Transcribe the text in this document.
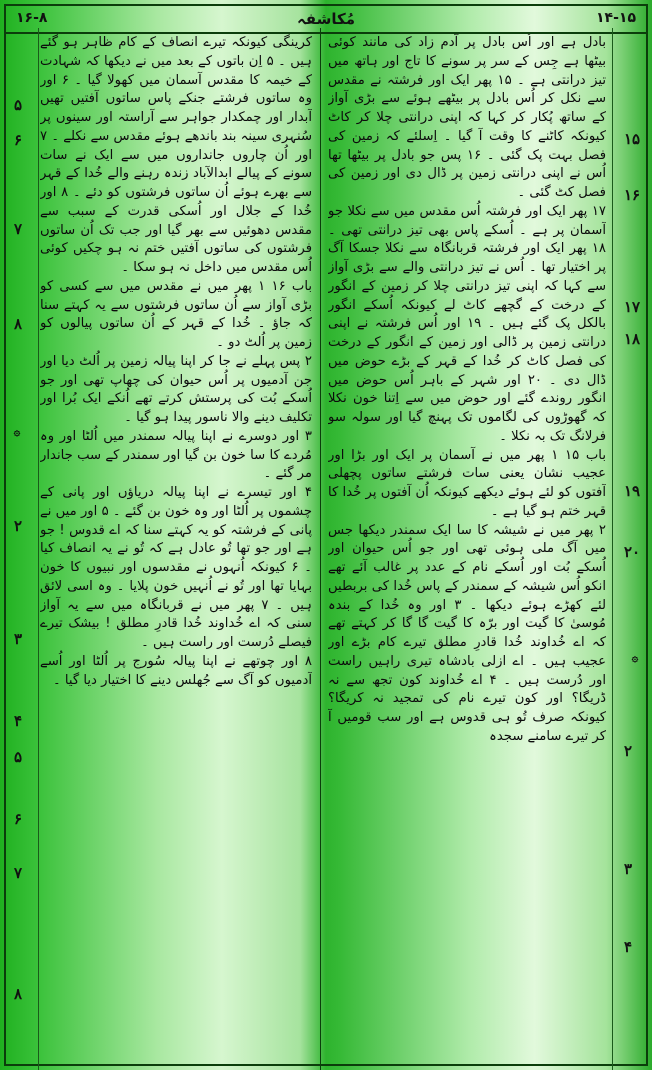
مُکاشفہ
۱۶-۸	۱۴-۱۵

بادل ہے اور اُس بادل پر آدم زاد کی مانند کوئی بیٹھا ہے جِس کے سر پر سونے کا تاج اور ہاتھ میں تیز درانتی ہے ۔ ۱۵ پھر ایک اور فرشتہ نے مقدس سے نکل کر اُس بادل پر بیٹھے ہوئے سے بڑی آواز کے ساتھ پُکار کر کہا کہ اپنی درانتی چلا کر کاٹ کیونکہ کاٹنے کا وقت آ گیا ۔ اِسلئے کہ زمین کی فصل بہت پک گئی ۔ ۱۶ پس جو بادل پر بیٹھا تھا اُس نے اپنی درانتی زمین پر ڈال دی اور زمین کی فصل کٹ گئی ۔

۱۷ پھر ایک اور فرشتہ اُس مقدس میں سے نکلا جو آسمان پر ہے ۔ اُسکے پاس بھی تیز درانتی تھی ۔ ۱۸ پھر ایک اور فرشتہ قربانگاہ سے نکلا جسکا آگ پر اختیار تھا ۔ اُس نے تیز درانتی والے سے بڑی آواز سے کہا کہ اپنی تیز درانتی چلا کر زمین کے انگور کے درخت کے گچھے کاٹ لے کیونکہ اُسکے انگور بالکل پک گئے ہیں ۔ ۱۹ اور اُس فرشتہ نے اپنی درانتی زمین پر ڈالی اور زمین کے انگور کے درخت کی فصل کاٹ کر خُدا کے قہر کے بڑے حوض میں ڈال دی ۔ ۲۰ اور شہر کے باہر اُس حوض میں انگور روندے گئے اور حوض میں سے اِتنا خون نکلا کہ گھوڑوں کی لگاموں تک پہنچ گیا اور سولہ سو فرلانگ تک بہ نکلا ۔

باب ۱۵ ۱ پھر میں نے آسمان پر ایک اور بڑا اور عجیب نشان یعنی سات فرشتے ساتوں پچھلی آفتوں کو لئے ہوئے دیکھے کیونکہ اُن آفتوں پر خُدا کا قہر ختم ہو گیا ہے ۔

۲ پھر میں نے شیشہ کا سا ایک سمندر دیکھا جس میں آگ ملی ہوئی تھی اور جو اُس حیوان اور اُسکے بُت اور اُسکے نام کے عدد پر غالب آئے تھے انکو اُس شیشہ کے سمندر کے پاس خُدا کی بربطیں لئے کھڑے ہوئے دیکھا ۔ ۳ اور وہ خُدا کے بندہ مُوسیٰ کا گیت اور برّہ کا گیت گا گا کر کہتے تھے کہ اے خُداوند خُدا قادرِ مطلق تیرے کام بڑے اور عجیب ہیں ۔ اے ازلی بادشاہ تیری راہیں راست اور دُرست ہیں ۔ ۴ اے خُداوند کون تجھ سے نہ ڈریگا؟ اور کون تیرے نام کی تمجید نہ کریگا؟ کیونکہ صرف تُو ہی قدوس ہے اور سب قومیں آ کر تیرے سامنے سجدہ

کرینگی کیونکہ تیرے انصاف کے کام ظاہر ہو گئے ہیں ۔ ۵ اِن باتوں کے بعد میں نے دیکھا کہ شہادت کے خیمہ کا مقدس آسمان میں کھولا گیا ۔ ۶ اور وہ ساتوں فرشتے جنکے پاس ساتوں آفتیں تھیں آبدار اور چمکدار جواہر سے آراستہ اور سینوں پر سُنہری سینہ بند باندھے ہوئے مقدس سے نکلے ۔ ۷ اور اُن چاروں جانداروں میں سے ایک نے سات سونے کے پیالے ابدالآباد زندہ رہنے والے خُدا کے قہر سے بھرے ہوئے اُن ساتوں فرشتوں کو دئے ۔ ۸ اور خُدا کے جلال اور اُسکی قدرت کے سبب سے مقدس دھوئیں سے بھر گیا اور جب تک اُن ساتوں فرشتوں کی ساتوں آفتیں ختم نہ ہو چکیں کوئی اُس مقدس میں داخل نہ ہو سکا ۔

باب ۱۶ ۱ پھر میں نے مقدس میں سے کسی کو بڑی آواز سے اُن ساتوں فرشتوں سے یہ کہتے سنا کہ جاؤ ۔ خُدا کے قہر کے اُن ساتوں پیالوں کو زمین پر اُلٹ دو ۔

۲ پس پہلے نے جا کر اپنا پیالہ زمین پر اُلٹ دیا اور جن آدمیوں پر اُس حیوان کی چھاپ تھی اور جو اُسکے بُت کی پرستش کرتے تھے اُنکے ایک بُرا اور تکلیف دینے والا ناسور پیدا ہو گیا ۔

۳ اور دوسرے نے اپنا پیالہ سمندر میں اُلٹا اور وہ مُردے کا سا خون بن گیا اور سمندر کے سب جاندار مر گئے ۔

۴ اور تیسرے نے اپنا پیالہ دریاؤں اور پانی کے چشموں پر اُلٹا اور وہ خون بن گئے ۔ ۵ اور میں نے پانی کے فرشتہ کو یہ کہتے سنا کہ اے قدوس ! جو ہے اور جو تھا تُو عادل ہے کہ تُو نے یہ انصاف کیا ۔ ۶ کیونکہ اُنہوں نے مقدسوں اور نبیوں کا خون بہایا تھا اور تُو نے اُنہیں خون پلایا ۔ وہ اسی لائق ہیں ۔ ۷ پھر میں نے قربانگاہ میں سے یہ آواز سنی کہ اے خُداوند خُدا قادرِ مطلق ! بیشک تیرے فیصلے دُرست اور راست ہیں ۔

۸ اور چوتھے نے اپنا پیالہ سُورج پر اُلٹا اور اُسے آدمیوں کو آگ سے جُھلس دینے کا اختیار دیا گیا ۔

۵
۶
۷
۸
۲
۳
۴
۵
۶
۷
۸
۱۵
۱۶
۱۷
۱۸
۱۹
۲۰
۲
۳
۴
۞
۞
